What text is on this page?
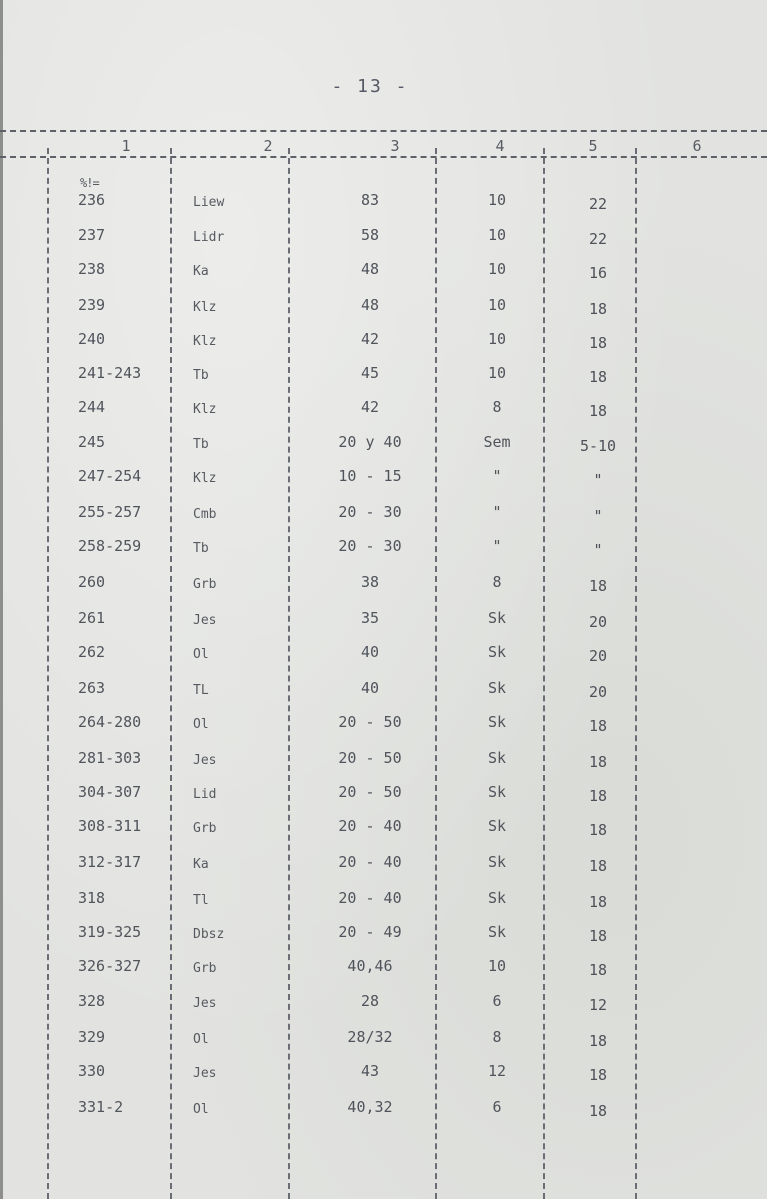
- 13 -
1	2	3	4	5	6
%!=
236	Liew	83	10	22
237	Lidr	58	10	22
238	Ka	48	10	16
239	Klz	48	10	18
240	Klz	42	10	18
241-243	Tb	45	10	18
244	Klz	42	8	18
245	Tb	20 y 40	Sem	5-10
247-254	Klz	10 - 15	"	"
255-257	Cmb	20 - 30	"	"
258-259	Tb	20 - 30	"	"
260	Grb	38	8	18
261	Jes	35	Sk	20
262	Ol	40	Sk	20
263	TL	40	Sk	20
264-280	Ol	20 - 50	Sk	18
281-303	Jes	20 - 50	Sk	18
304-307	Lid	20 - 50	Sk	18
308-311	Grb	20 - 40	Sk	18
312-317	Ka	20 - 40	Sk	18
318	Tl	20 - 40	Sk	18
319-325	Dbsz	20 - 49	Sk	18
326-327	Grb	40,46	10	18
328	Jes	28	6	12
329	Ol	28/32	8	18
330	Jes	43	12	18
331-2	Ol	40,32	6	18
